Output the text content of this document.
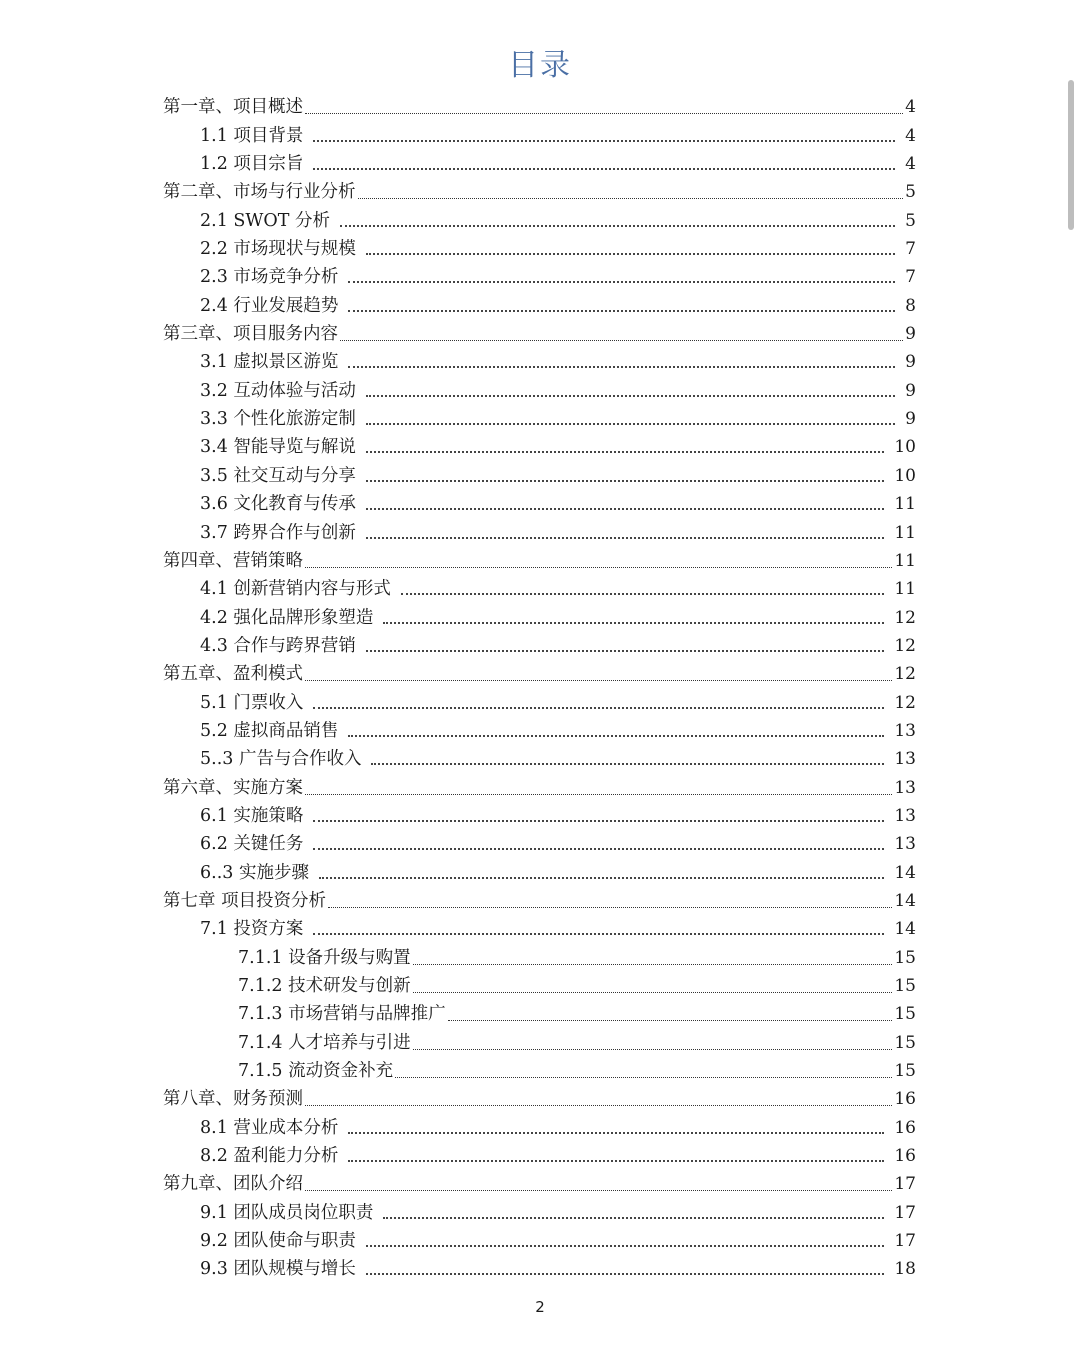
目录
第一章、项目概述	4
1.1 项目背景	4
1.2 项目宗旨	4
第二章、市场与行业分析	5
2.1 SWOT 分析	5
2.2 市场现状与规模	7
2.3 市场竞争分析	7
2.4 行业发展趋势	8
第三章、项目服务内容	9
3.1 虚拟景区游览	9
3.2 互动体验与活动	9
3.3 个性化旅游定制	9
3.4 智能导览与解说	10
3.5 社交互动与分享	10
3.6 文化教育与传承	11
3.7 跨界合作与创新	11
第四章、营销策略	11
4.1 创新营销内容与形式	11
4.2 强化品牌形象塑造	12
4.3 合作与跨界营销	12
第五章、盈利模式	12
5.1 门票收入	12
5.2 虚拟商品销售	13
5..3 广告与合作收入	13
第六章、实施方案	13
6.1 实施策略	13
6.2 关键任务	13
6..3 实施步骤	14
第七章 项目投资分析	14
7.1 投资方案	14
7.1.1 设备升级与购置	15
7.1.2 技术研发与创新	15
7.1.3 市场营销与品牌推广	15
7.1.4 人才培养与引进	15
7.1.5 流动资金补充	15
第八章、财务预测	16
8.1 营业成本分析	16
8.2 盈利能力分析	16
第九章、团队介绍	17
9.1 团队成员岗位职责	17
9.2 团队使命与职责	17
9.3 团队规模与增长	18
2
